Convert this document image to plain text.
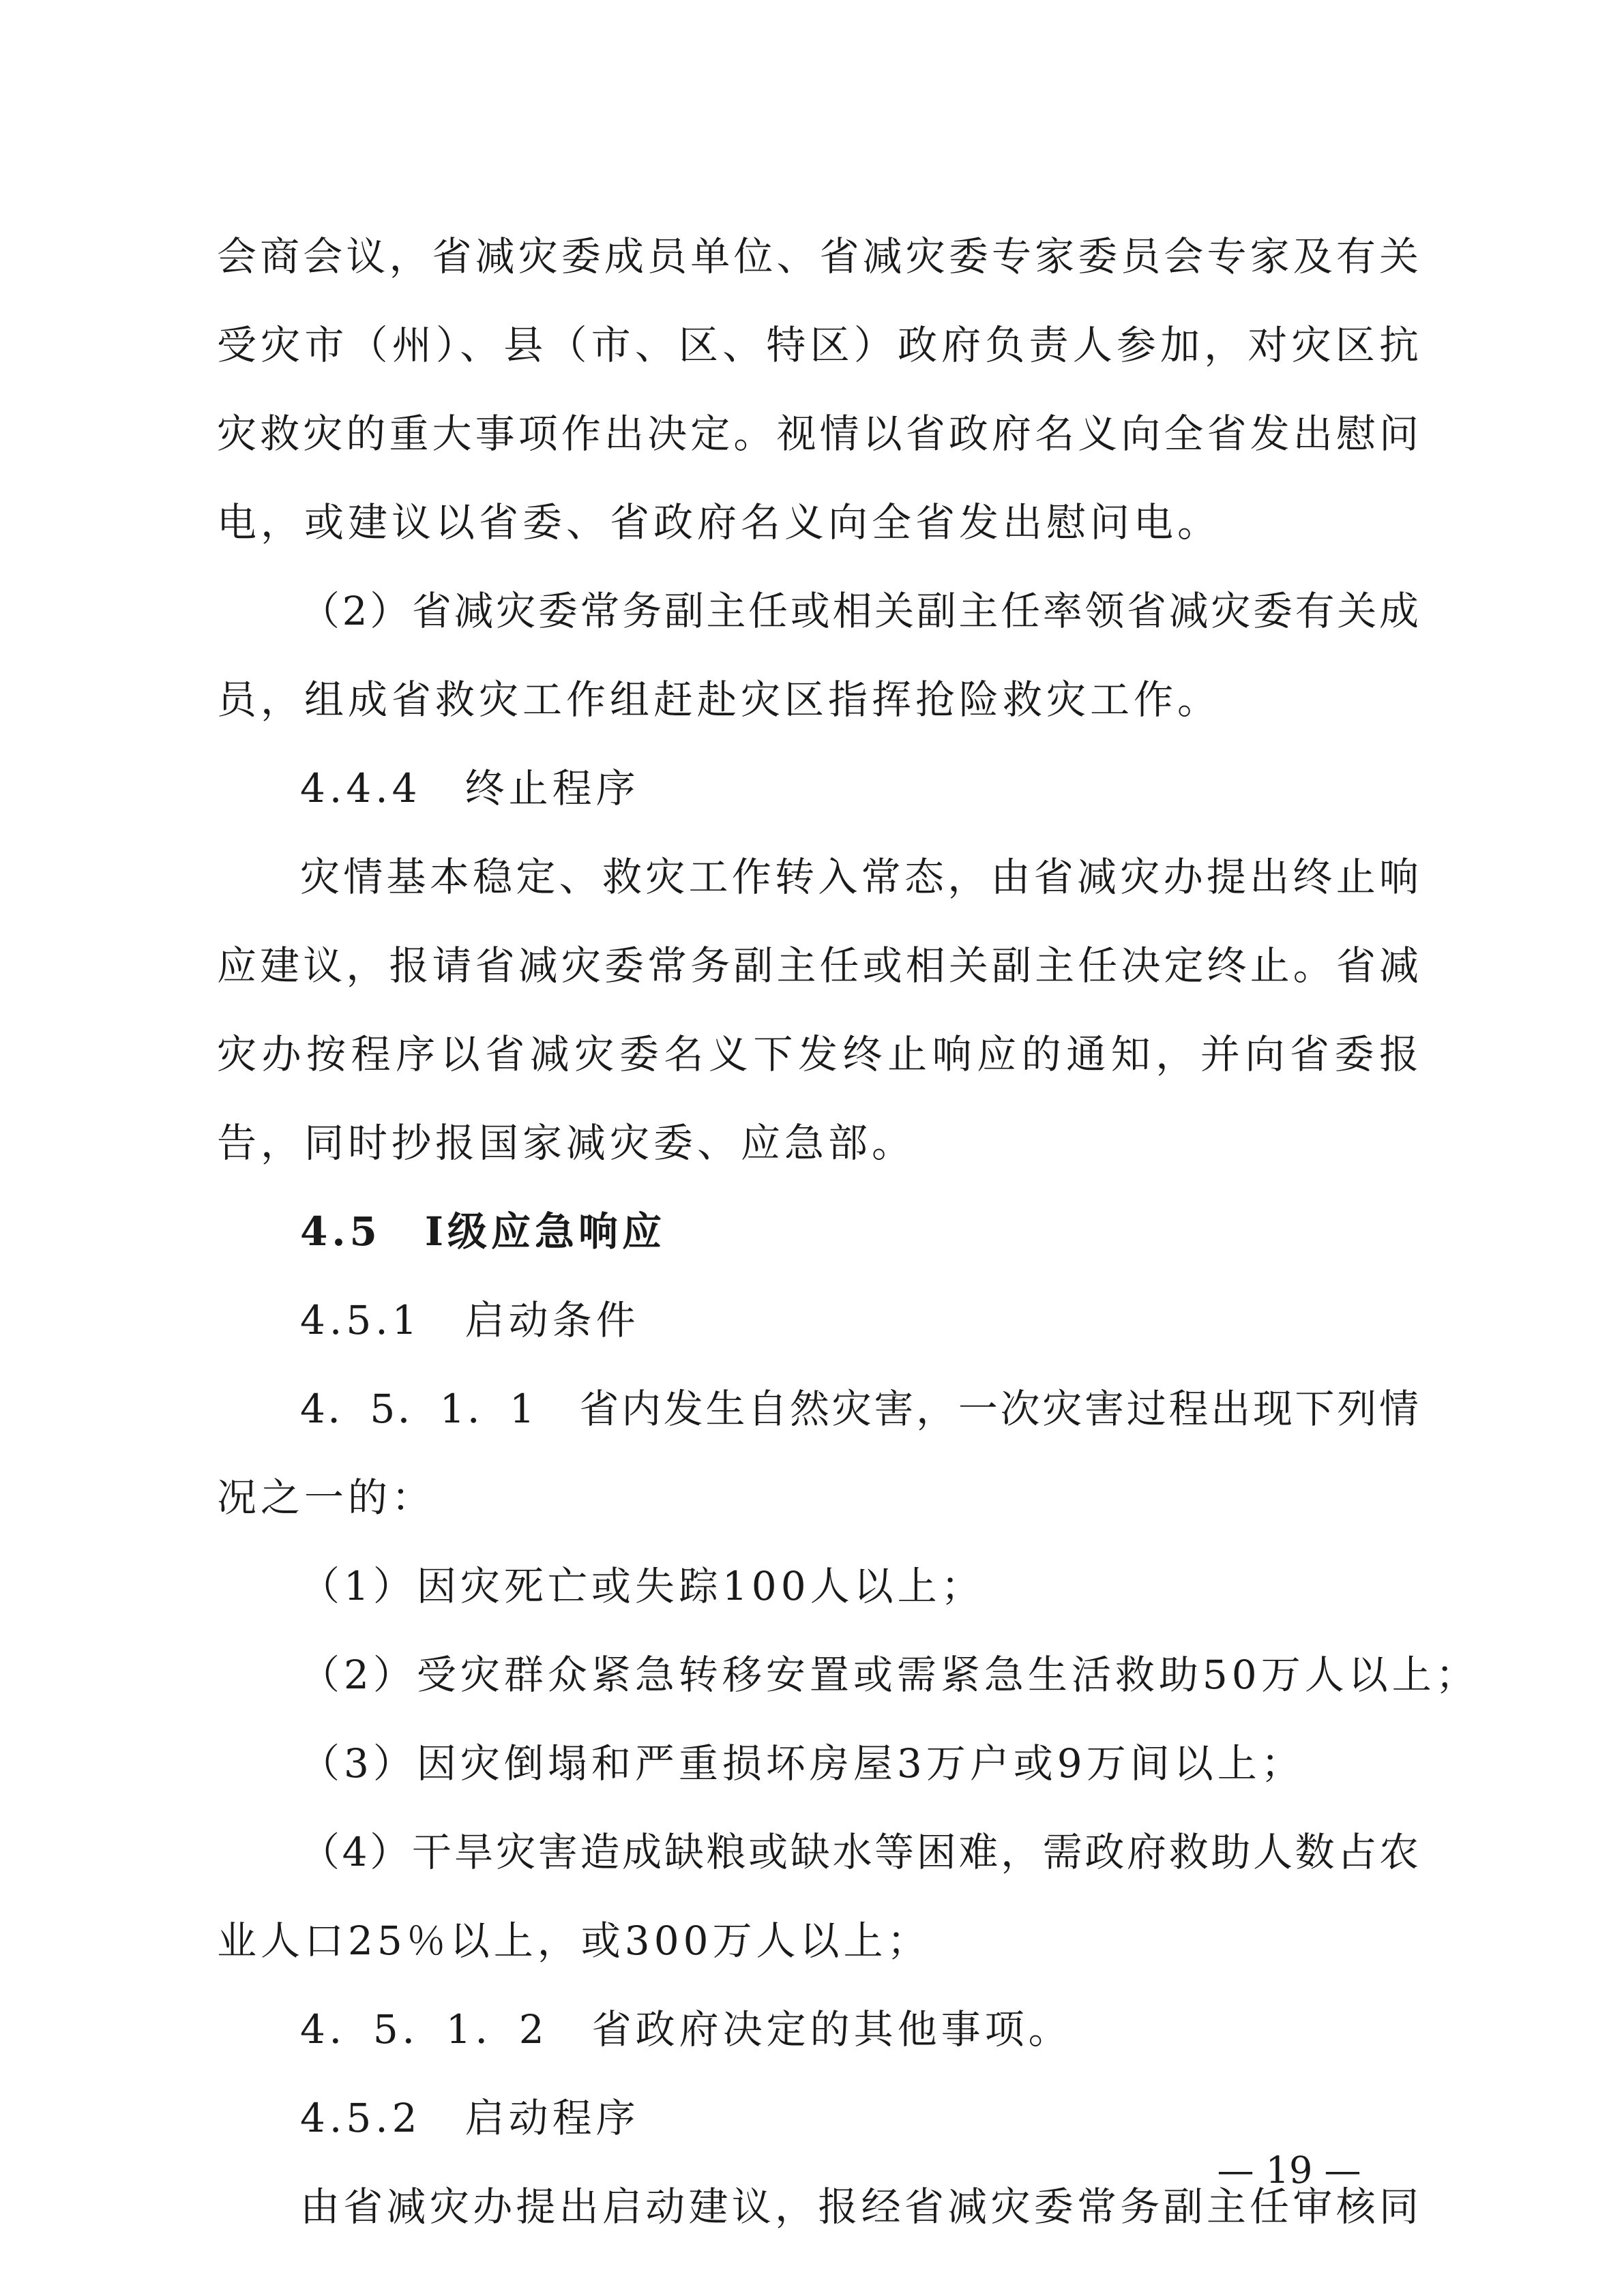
会商会议，省减灾委成员单位、省减灾委专家委员会专家及有关
受灾市（州）、县（市、区、特区）政府负责人参加，对灾区抗
灾救灾的重大事项作出决定。视情以省政府名义向全省发出慰问
电，或建议以省委、省政府名义向全省发出慰问电。
（2）省减灾委常务副主任或相关副主任率领省减灾委有关成
员，组成省救灾工作组赶赴灾区指挥抢险救灾工作。
4.4.4　终止程序
灾情基本稳定、救灾工作转入常态，由省减灾办提出终止响
应建议，报请省减灾委常务副主任或相关副主任决定终止。省减
灾办按程序以省减灾委名义下发终止响应的通知，并向省委报
告，同时抄报国家减灾委、应急部。
4.5　Ⅰ级应急响应
4.5.1　启动条件
4．5．1．1　省内发生自然灾害，一次灾害过程出现下列情
况之一的：
（1）因灾死亡或失踪100人以上；
（2）受灾群众紧急转移安置或需紧急生活救助50万人以上；
（3）因灾倒塌和严重损坏房屋3万户或9万间以上；
（4）干旱灾害造成缺粮或缺水等困难，需政府救助人数占农
业人口25％以上，或300万人以上；
4．5．1．2　省政府决定的其他事项。
4.5.2　启动程序
由省减灾办提出启动建议，报经省减灾委常务副主任审核同
— 19 —
